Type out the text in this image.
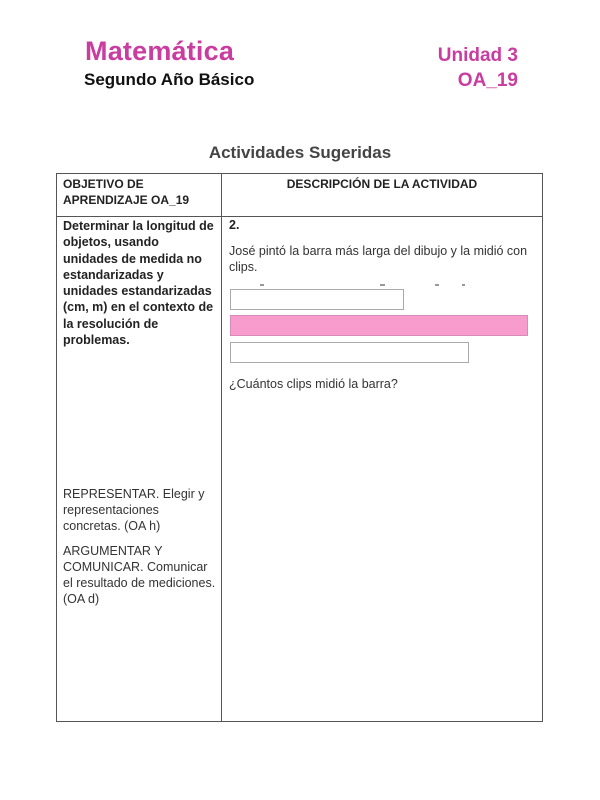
Matemática
Segundo Año Básico
Unidad 3
OA_19
Actividades Sugeridas
OBJETIVO DE APRENDIZAJE OA_19
DESCRIPCIÓN DE LA ACTIVIDAD
Determinar la longitud de objetos, usando unidades de medida no estandarizadas y unidades estandarizadas (cm, m) en el contexto de la resolución de problemas.
REPRESENTAR. Elegir y representaciones concretas. (OA h)
ARGUMENTAR Y COMUNICAR. Comunicar el resultado de mediciones. (OA d)
2.
José pintó la barra más larga del dibujo y la midió con clips.
¿Cuántos clips midió la barra?
